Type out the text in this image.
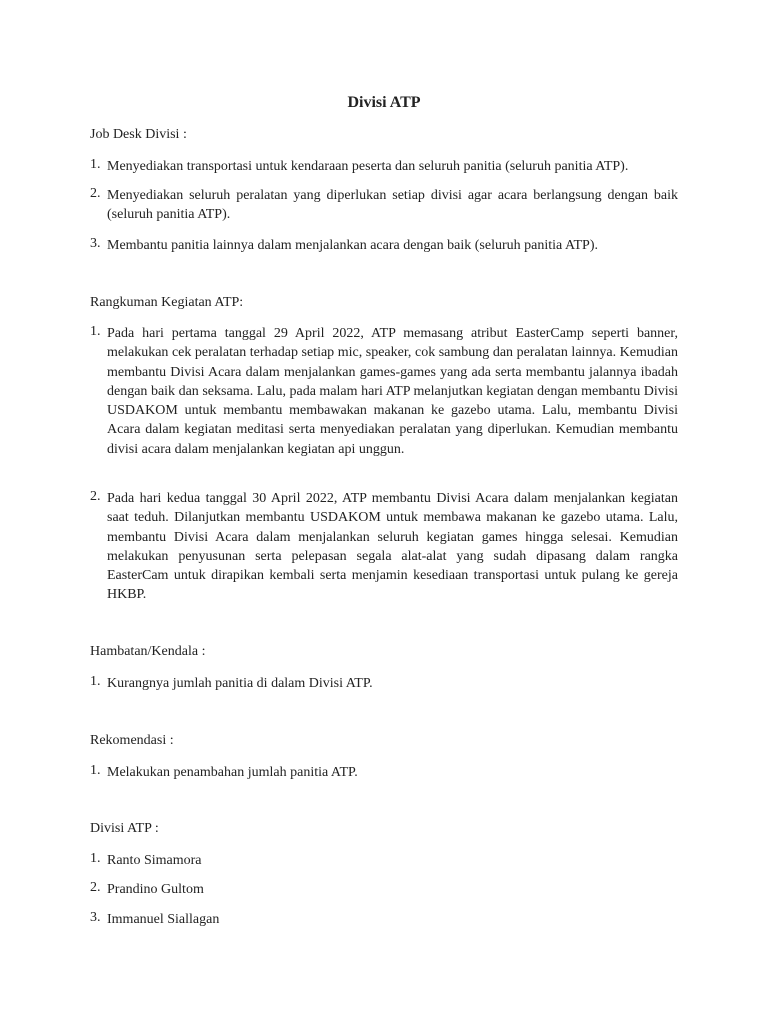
Divisi ATP
Job Desk Divisi :
1. Menyediakan transportasi untuk kendaraan peserta dan seluruh panitia (seluruh panitia ATP).
2. Menyediakan seluruh peralatan yang diperlukan setiap divisi agar acara berlangsung dengan baik (seluruh panitia ATP).
3. Membantu panitia lainnya dalam menjalankan acara dengan baik (seluruh panitia ATP).
Rangkuman Kegiatan ATP:
1. Pada hari pertama tanggal 29 April 2022, ATP memasang atribut EasterCamp seperti banner, melakukan cek peralatan terhadap setiap mic, speaker, cok sambung dan peralatan lainnya. Kemudian membantu Divisi Acara dalam menjalankan games-games yang ada serta membantu jalannya ibadah dengan baik dan seksama. Lalu, pada malam hari ATP melanjutkan kegiatan dengan membantu Divisi USDAKOM untuk membantu membawakan makanan ke gazebo utama. Lalu, membantu Divisi Acara dalam kegiatan meditasi serta menyediakan peralatan yang diperlukan. Kemudian membantu divisi acara dalam menjalankan kegiatan api unggun.
2. Pada hari kedua tanggal 30 April 2022, ATP membantu Divisi Acara dalam menjalankan kegiatan saat teduh. Dilanjutkan membantu USDAKOM untuk membawa makanan ke gazebo utama. Lalu, membantu Divisi Acara dalam menjalankan seluruh kegiatan games hingga selesai. Kemudian melakukan penyusunan serta pelepasan segala alat-alat yang sudah dipasang dalam rangka EasterCam untuk dirapikan kembali serta menjamin kesediaan transportasi untuk pulang ke gereja HKBP.
Hambatan/Kendala :
1. Kurangnya jumlah panitia di dalam Divisi ATP.
Rekomendasi :
1. Melakukan penambahan jumlah panitia ATP.
Divisi ATP :
1. Ranto Simamora
2. Prandino Gultom
3. Immanuel Siallagan
